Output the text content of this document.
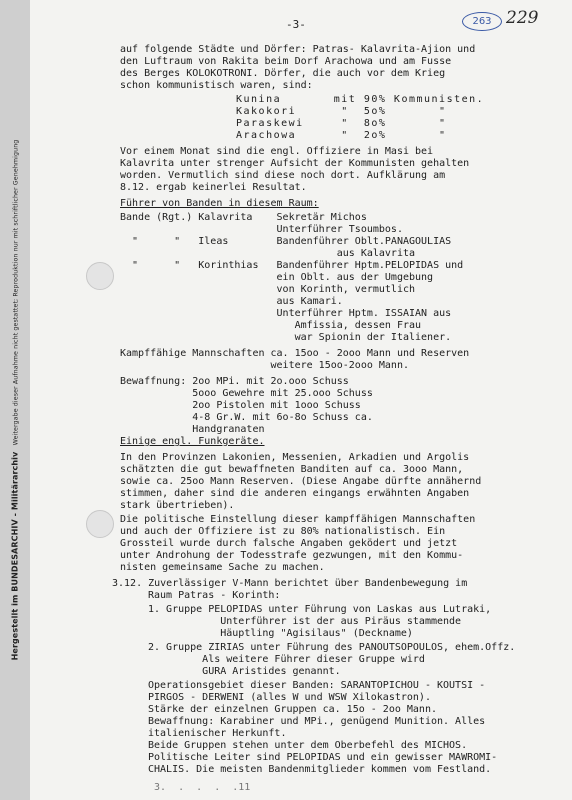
Hergestellt im BUNDESARCHIV - Militärarchiv   Weitergabe dieser Aufnahme nicht gestattet; Reproduktion nur mit schriftlicher Genehmigung
-3-	263 229
auf folgende Städte und Dörfer: Patras- Kalavrita-Ajion und
den Luftraum von Rakita beim Dorf Arachowa und am Fusse
des Berges KOLOKOTRONI. Dörfer, die auch vor dem Krieg
schon kommunistisch waren, sind:
Kunina       mit 90% Kommunisten.
Kakokori      "  5o%       "
Paraskewi     "  8o%       "
Arachowa      "  2o%       "
Vor einem Monat sind die engl. Offiziere in Masi bei
Kalavrita unter strenger Aufsicht der Kommunisten gehalten
worden. Vermutlich sind diese noch dort. Aufklärung am
8.12. ergab keinerlei Resultat.
Führer von Banden in diesem Raum:
Bande (Rgt.) Kalavrita    Sekretär Michos
Unterführer Tsoumbos.
"      "   Ileas        Bandenführer Oblt.PANAGOULIAS
aus Kalavrita
"      "   Korinthias   Bandenführer Hptm.PELOPIDAS und
ein Oblt. aus der Umgebung
von Korinth, vermutlich
aus Kamari.
Unterführer Hptm. ISSAIAN aus
Amfissia, dessen Frau
war Spionin der Italiener.
Kampffähige Mannschaften ca. 15oo - 2ooo Mann und Reserven
weitere 15oo-2ooo Mann.
Bewaffnung: 2oo MPi. mit 2o.ooo Schuss
5ooo Gewehre mit 25.ooo Schuss
2oo Pistolen mit 1ooo Schuss
4-8 Gr.W. mit 6o-8o Schuss ca.
Handgranaten
Einige engl. Funkgeräte.
In den Provinzen Lakonien, Messenien, Arkadien und Argolis
schätzten die gut bewaffneten Banditen auf ca. 3ooo Mann,
sowie ca. 25oo Mann Reserven. (Diese Angabe dürfte annähernd
stimmen, daher sind die anderen eingangs erwähnten Angaben
stark übertrieben).
Die politische Einstellung dieser kampffähigen Mannschaften
und auch der Offiziere ist zu 80% nationalistisch. Ein
Grossteil wurde durch falsche Angaben geködert und jetzt
unter Androhung der Todesstrafe gezwungen, mit den Kommu-
nisten gemeinsame Sache zu machen.
3.12. Zuverlässiger V-Mann berichtet über Bandenbewegung im
Raum Patras - Korinth:
1. Gruppe PELOPIDAS unter Führung von Laskas aus Lutraki,
Unterführer ist der aus Piräus stammende
Häuptling "Agisilaus" (Deckname)
2. Gruppe ZIRIAS unter Führung des PANOUTSOPOULOS, ehem.Offz.
Als weitere Führer dieser Gruppe wird
GURA Aristides genannt.
Operationsgebiet dieser Banden: SARANTOPICHOU - KOUTSI -
PIRGOS - DERWENI (alles W und WSW Xilokastron).
Stärke der einzelnen Gruppen ca. 15o - 2oo Mann.
Bewaffnung: Karabiner und MPi., genügend Munition. Alles
italienischer Herkunft.
Beide Gruppen stehen unter dem Oberbefehl des MICHOS.
Politische Leiter sind PELOPIDAS und ein gewisser MAWROMI-
CHALIS. Die meisten Bandenmitglieder kommen vom Festland.
3.  .  .  .  .11
